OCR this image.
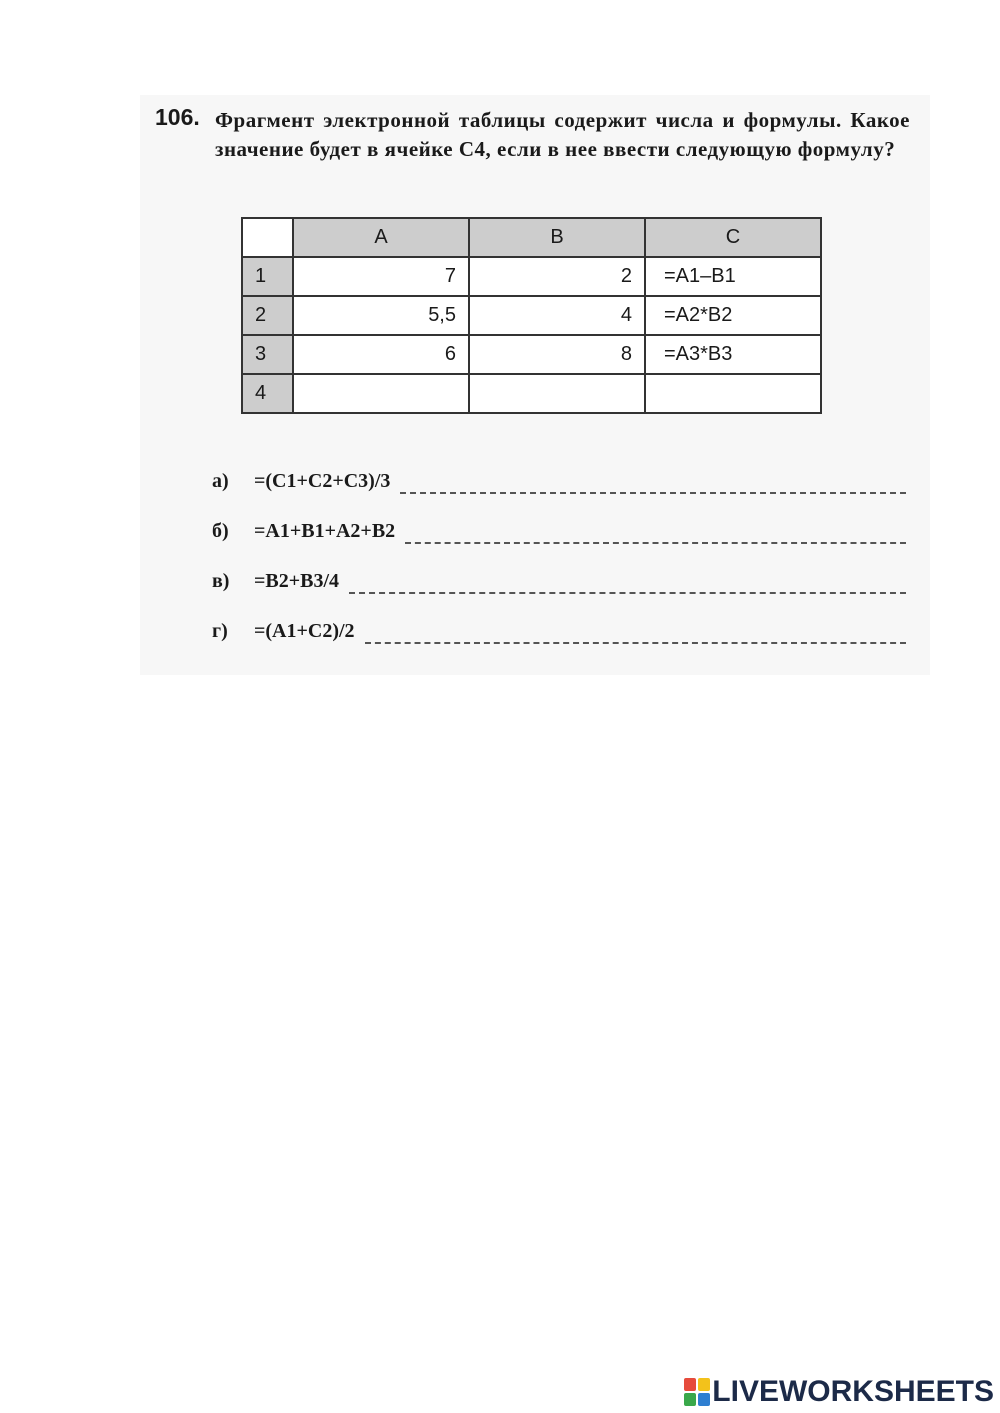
106. Фрагмент электронной таблицы содержит числа и формулы. Какое значение будет в ячейке С4, если в нее ввести следующую формулу?
	A	B	C
1	7	2	=A1–B1
2	5,5	4	=A2*B2
3	6	8	=A3*B3
4			
а)	=(C1+C2+C3)/3
б)	=A1+B1+A2+B2
в)	=B2+B3/4
г)	=(A1+C2)/2
LIVEWORKSHEETS
